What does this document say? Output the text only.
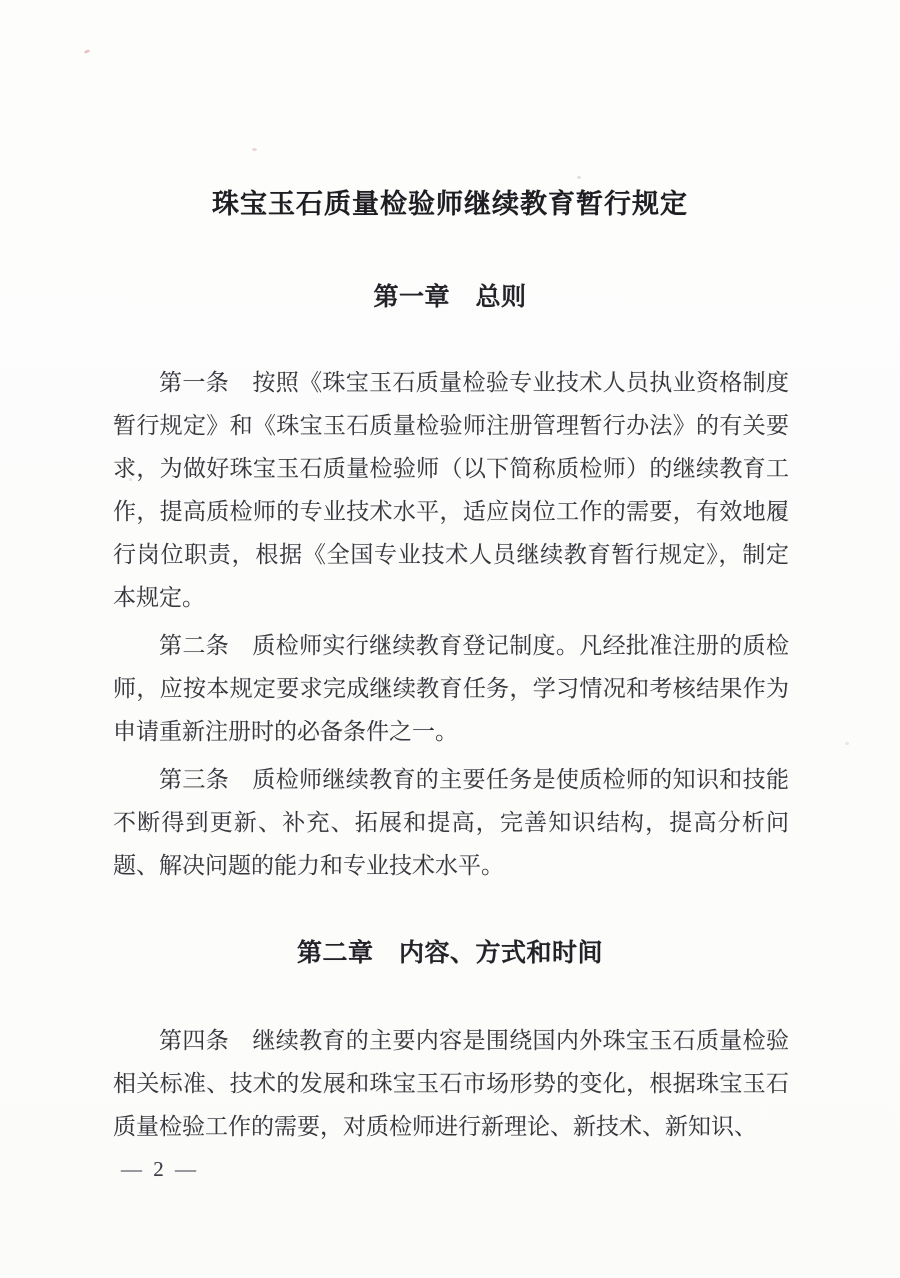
珠宝玉石质量检验师继续教育暂行规定
第一章　总则

第一条　按照《珠宝玉石质量检验专业技术人员执业资格制度暂行规定》和《珠宝玉石质量检验师注册管理暂行办法》的有关要求，为做好珠宝玉石质量检验师（以下简称质检师）的继续教育工作，提高质检师的专业技术水平，适应岗位工作的需要，有效地履行岗位职责，根据《全国专业技术人员继续教育暂行规定》，制定本规定。

第二条　质检师实行继续教育登记制度。凡经批准注册的质检师，应按本规定要求完成继续教育任务，学习情况和考核结果作为申请重新注册时的必备条件之一。

第三条　质检师继续教育的主要任务是使质检师的知识和技能不断得到更新、补充、拓展和提高，完善知识结构，提高分析问题、解决问题的能力和专业技术水平。

第二章　内容、方式和时间

第四条　继续教育的主要内容是围绕国内外珠宝玉石质量检验相关标准、技术的发展和珠宝玉石市场形势的变化，根据珠宝玉石质量检验工作的需要，对质检师进行新理论、新技术、新知识、

— 2 —
